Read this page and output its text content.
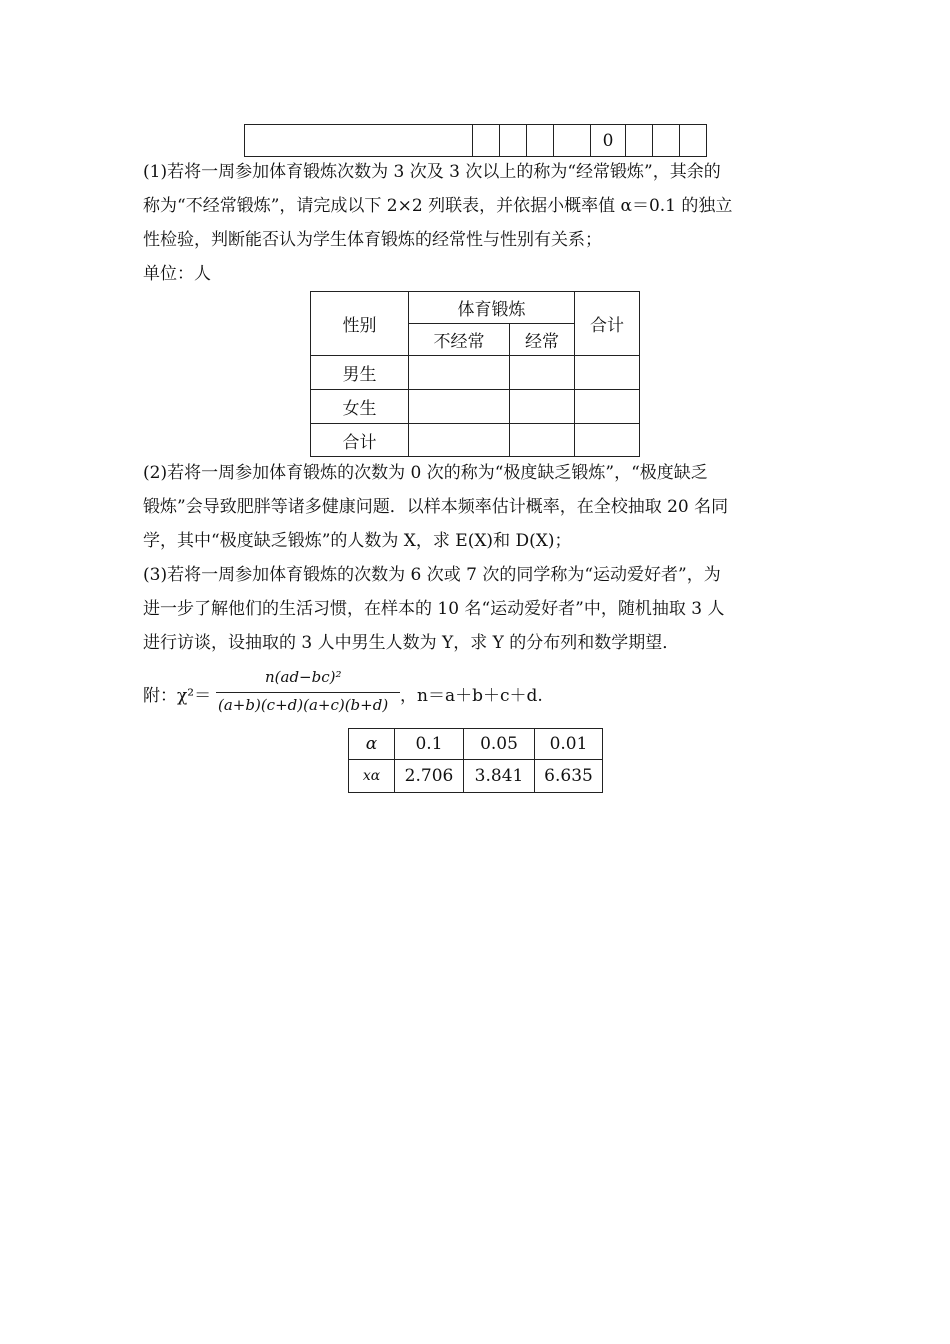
					0			
(1)若将一周参加体育锻炼次数为 3 次及 3 次以上的称为“经常锻炼”，其余的
称为“不经常锻炼”，请完成以下 2×2 列联表，并依据小概率值 α＝0.1 的独立
性检验，判断能否认为学生体育锻炼的经常性与性别有关系；
单位：人
性别	体育锻炼		合计
	不经常	经常	
男生			
女生			
合计			
(2)若将一周参加体育锻炼的次数为 0 次的称为“极度缺乏锻炼”，“极度缺乏
锻炼”会导致肥胖等诸多健康问题．以样本频率估计概率，在全校抽取 20 名同
学，其中“极度缺乏锻炼”的人数为 X，求 E(X)和 D(X)；
(3)若将一周参加体育锻炼的次数为 6 次或 7 次的同学称为“运动爱好者”，为
进一步了解他们的生活习惯，在样本的 10 名“运动爱好者”中，随机抽取 3 人
进行访谈，设抽取的 3 人中男生人数为 Y，求 Y 的分布列和数学期望．
附：χ²＝
n(ad−bc)²
(a+b)(c+d)(a+c)(b+d) ，n＝a＋b＋c＋d.
α	0.1	0.05	0.01
xα	2.706	3.841	6.635
